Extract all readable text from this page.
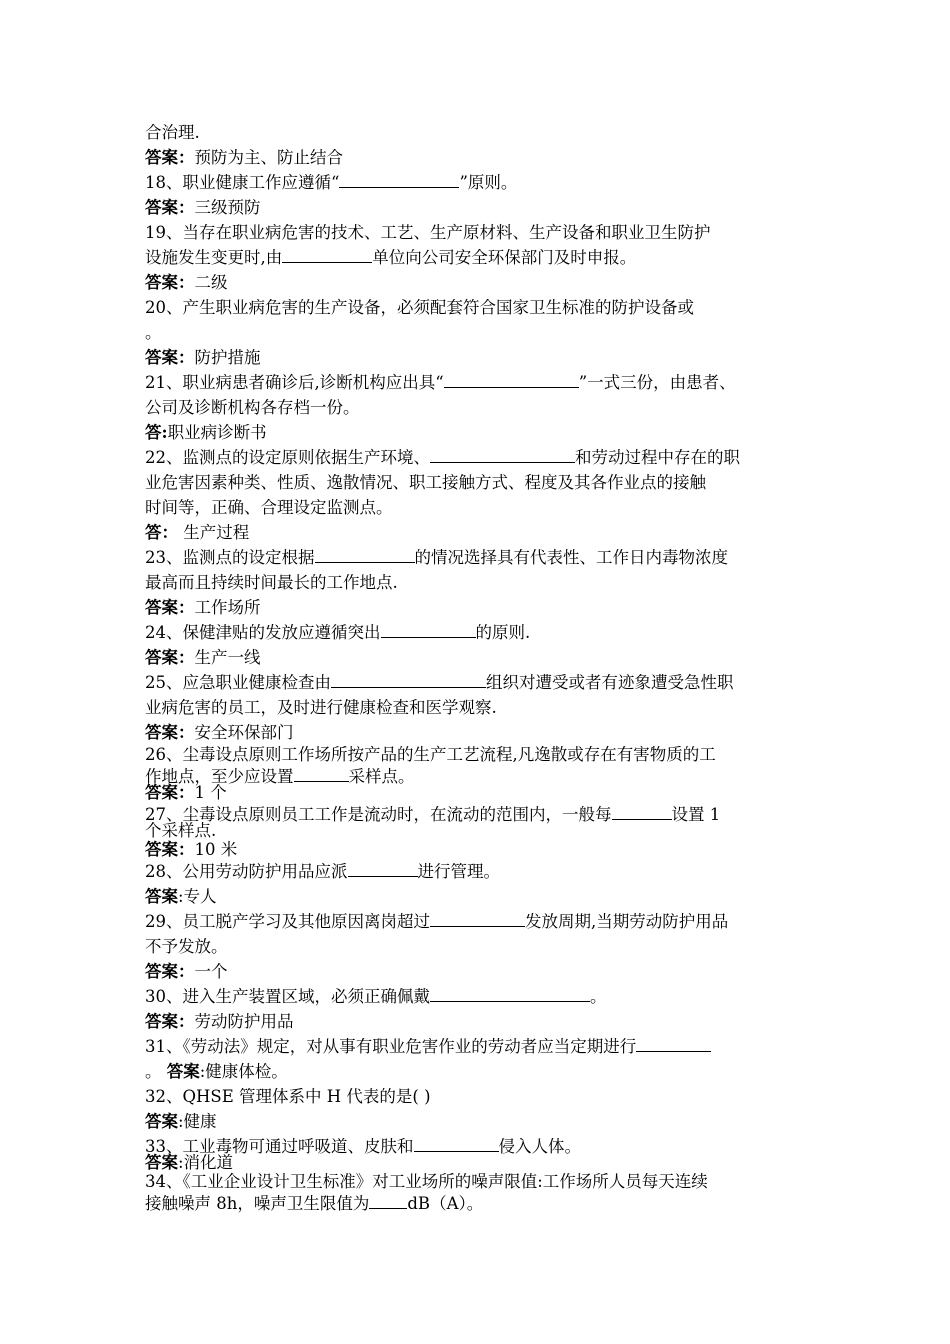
合治理.
答案：预防为主、防止结合
18、职业健康工作应遵循“	”原则。
答案：三级预防
19、当存在职业病危害的技术、工艺、生产原材料、生产设备和职业卫生防护
设施发生变更时,由	单位向公司安全环保部门及时申报。
答案：二级
20、产生职业病危害的生产设备，必须配套符合国家卫生标准的防护设备或
。
答案：防护措施
21、职业病患者确诊后,诊断机构应出具“	”一式三份，由患者、
公司及诊断机构各存档一份。
答:职业病诊断书
22、监测点的设定原则依据生产环境、	和劳动过程中存在的职
业危害因素种类、性质、逸散情况、职工接触方式、程度及其各作业点的接触
时间等，正确、合理设定监测点。
答： 生产过程
23、监测点的设定根据	的情况选择具有代表性、工作日内毒物浓度
最高而且持续时间最长的工作地点.
答案：工作场所
24、保健津贴的发放应遵循突出	的原则.
答案：生产一线
25、应急职业健康检查由	组织对遭受或者有迹象遭受急性职
业病危害的员工，及时进行健康检查和医学观察.
答案：安全环保部门
26、尘毒设点原则工作场所按产品的生产工艺流程,凡逸散或存在有害物质的工
作地点，至少应设置	采样点。
答案：1 个
27、尘毒设点原则员工工作是流动时，在流动的范围内，一般每	设置 1
个采样点.
答案：10 米
28、公用劳动防护用品应派	进行管理。
答案:专人
29、员工脱产学习及其他原因离岗超过	发放周期,当期劳动防护用品
不予发放。
答案：一个
30、进入生产装置区域，必须正确佩戴	。
答案：劳动防护用品
31、《劳动法》规定，对从事有职业危害作业的劳动者应当定期进行
。 答案:健康体检。
32、QHSE 管理体系中 H 代表的是( )
答案:健康
33、工业毒物可通过呼吸道、皮肤和	侵入人体。
答案:消化道
34、《工业企业设计卫生标准》对工业场所的噪声限值:工作场所人员每天连续
接触噪声 8h，噪声卫生限值为 dB（A）。
